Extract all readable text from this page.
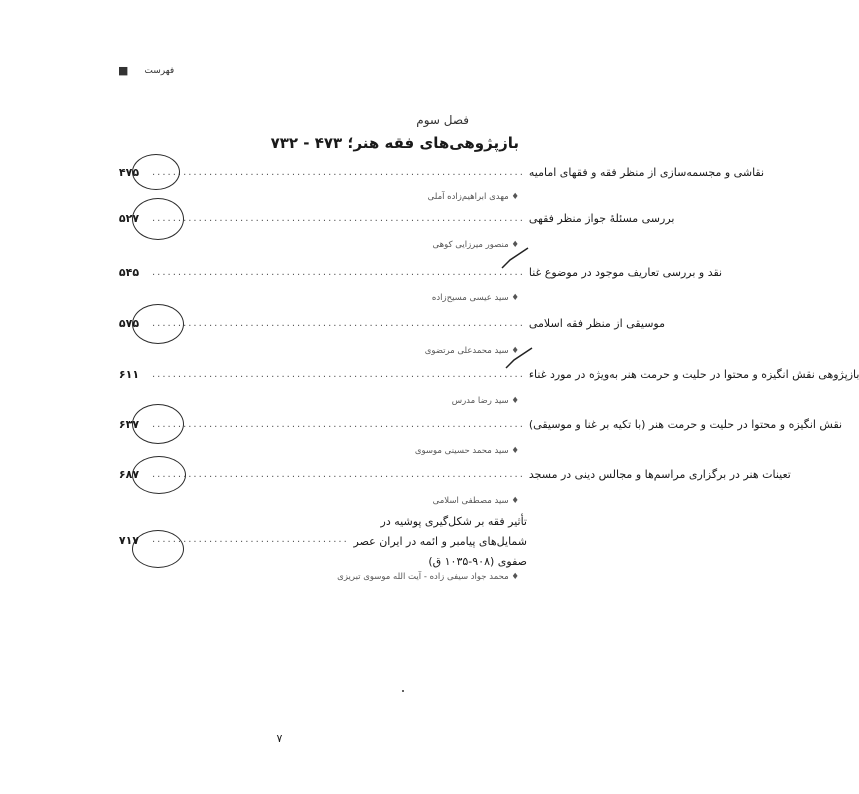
■ فهرست
فصل سوم
بازپژوهی‌های فقه هنر؛ ۴۷۳ - ۷۳۲
۴۷۵	........................................................................ نقاشی و مجسمه‌سازی از منظر فقه و فقهای امامیه
♦ مهدی ابراهیم‌زاده آملی
۵۲۷	........................................................................ بررسی مسئلهٔ جواز منظر فقهی
♦ منصور میرزایی کوهی
۵۴۵	........................................................................ نقد و بررسی تعاریف موجود در موضوع غنا
♦ سید عیسی مسیح‌زاده
۵۷۵	........................................................................ موسیقی از منظر فقه اسلامی
♦ سید محمدعلی مرتضوی
۶۱۱	........................................................................ بازپژوهی نقش انگیزه و محتوا در حلیت و حرمت هنر به‌ویژه در مورد غناء
♦ سید رضا مدرس
۶۳۷	........................................................................ نقش انگیزه و محتوا در حلیت و حرمت هنر (با تکیه بر غنا و موسیقی)
♦ سید محمد حسینی موسوی
۶۸۷	........................................................................ تعینات هنر در برگزاری مراسم‌ها و مجالس دینی در مسجد
♦ سید مصطفی اسلامی
۷۱۷	......................................
تأثیر فقه بر شکل‌گیری پوشیه در شمایل‌های پیامبر و ائمه در ایران عصر صفوی (۹۰۸-۱۰۳۵ ق)
♦ محمد جواد سیفی زاده - آیت الله موسوی تبریزی
۷
